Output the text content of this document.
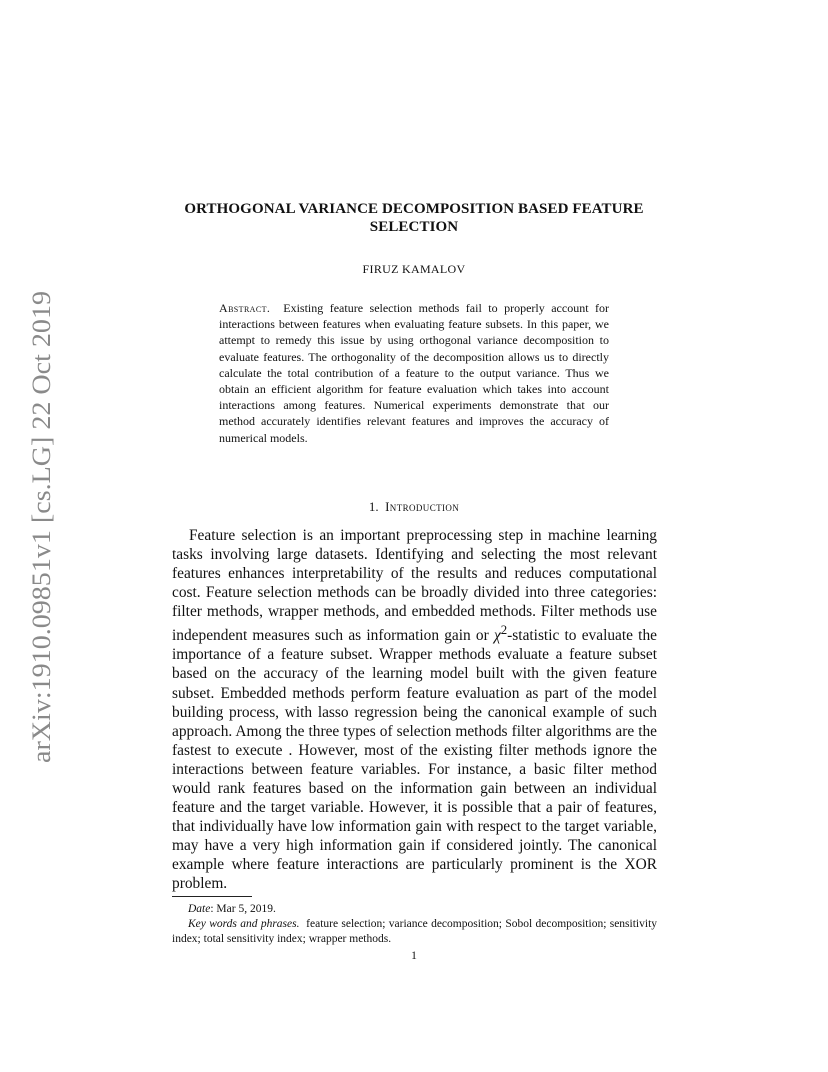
arXiv:1910.09851v1 [cs.LG] 22 Oct 2019
ORTHOGONAL VARIANCE DECOMPOSITION BASED FEATURE SELECTION
FIRUZ KAMALOV

Abstract. Existing feature selection methods fail to properly account for interactions between features when evaluating feature subsets. In this paper, we attempt to remedy this issue by using orthogonal variance decomposition to evaluate features. The orthogonality of the decomposition allows us to directly calculate the total contribution of a feature to the output variance. Thus we obtain an efficient algorithm for feature evaluation which takes into account interactions among features. Numerical experiments demonstrate that our method accurately identifies relevant features and improves the accuracy of numerical models.

1. Introduction

Feature selection is an important preprocessing step in machine learning tasks involving large datasets. Identifying and selecting the most relevant features enhances interpretability of the results and reduces computational cost. Feature selection methods can be broadly divided into three categories: filter methods, wrapper methods, and embedded methods. Filter methods use independent measures such as information gain or $\chi^2$-statistic to evaluate the importance of a feature subset. Wrapper methods evaluate a feature subset based on the accuracy of the learning model built with the given feature subset. Embedded methods perform feature evaluation as part of the model building process, with lasso regression being the canonical example of such approach. Among the three types of selection methods filter algorithms are the fastest to execute . However, most of the existing filter methods ignore the interactions between feature variables. For instance, a basic filter method would rank features based on the information gain between an individual feature and the target variable. However, it is possible that a pair of features, that individually have low information gain with respect to the target variable, may have a very high information gain if considered jointly. The canonical example where feature interactions are particularly prominent is the XOR problem.

Date: Mar 5, 2019.

Key words and phrases. feature selection; variance decomposition; Sobol decomposition; sensitivity index; total sensitivity index; wrapper methods.

1
